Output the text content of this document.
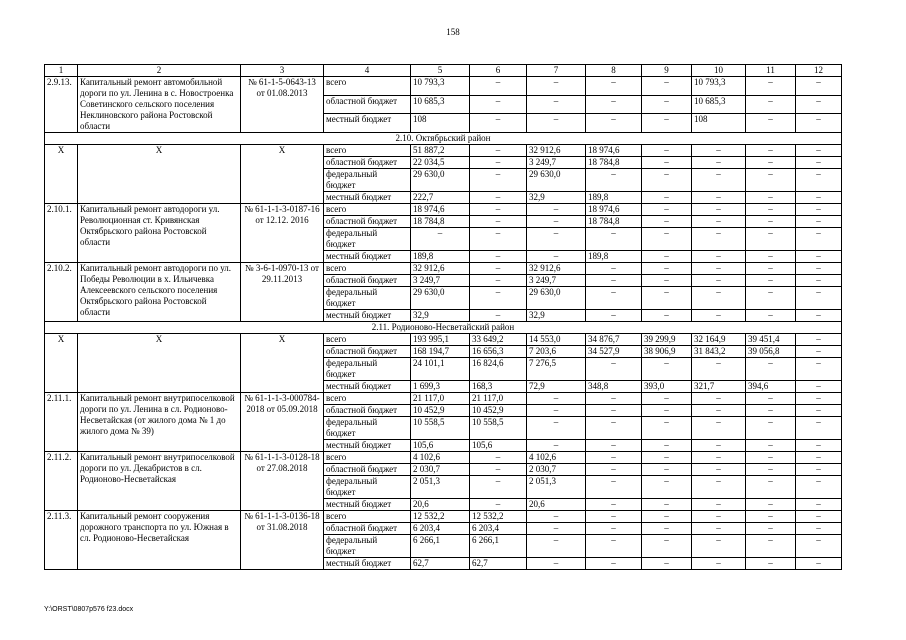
158
1	2	3	4	5	6	7	8	9	10	11	12
2.9.13.	Капитальный ремонт автомобильной дороги по ул. Ленина в с. Новостроенка Советинского сельского поселения Неклиновского района Ростовской области	№ 61-1-5-0643-13 от 01.08.2013	всего	10 793,3	–	–	–	–	10 793,3	–	–
			областной бюджет	10 685,3	–	–	–	–	10 685,3	–	–
			местный бюджет	108	–	–	–	–	108	–	–
2.10. Октябрьский район											
Х	Х	Х	всего	51 887,2	–	32 912,6	18 974,6	–	–	–	–
			областной бюджет	22 034,5	–	3 249,7	18 784,8	–	–	–	–
			федеральный бюджет	29 630,0	–	29 630,0	–	–	–	–	–
			местный бюджет	222,7	–	32,9	189,8	–	–	–	–
2.10.1.	Капитальный ремонт автодороги ул. Революционная ст. Кривянская Октябрьского района Ростовской области	№ 61-1-1-3-0187-16 от 12.12. 2016	всего	18 974,6	–	–	18 974,6	–	–	–	–
			областной бюджет	18 784,8	–	–	18 784,8	–	–	–	–
			федеральный бюджет	–	–	–	–	–	–	–	–
			местный бюджет	189,8	–	–	189,8	–	–	–	–
2.10.2.	Капитальный ремонт автодороги по ул. Победы Революции в х. Ильичевка Алексеевского сельского поселения Октябрьского района Ростовской области	№ 3-6-1-0970-13 от 29.11.2013	всего	32 912,6	–	32 912,6	–	–	–	–	–
			областной бюджет	3 249,7	–	3 249,7	–	–	–	–	–
			федеральный бюджет	29 630,0	–	29 630,0	–	–	–	–	–
			местный бюджет	32,9	–	32,9	–	–	–	–	–
2.11. Родионово-Несветайский район											
Х	Х	Х	всего	193 995,1	33 649,2	14 553,0	34 876,7	39 299,9	32 164,9	39 451,4	–
			областной бюджет	168 194,7	16 656,3	7 203,6	34 527,9	38 906,9	31 843,2	39 056,8	–
			федеральный бюджет	24 101,1	16 824,6	7 276,5	–	–	–	–	–
			местный бюджет	1 699,3	168,3	72,9	348,8	393,0	321,7	394,6	–
2.11.1.	Капитальный ремонт внутрипоселковой дороги по ул. Ленина в сл. Родионово-Несветайская (от жилого дома № 1 до жилого дома № 39)	№ 61-1-1-3-000784-2018 от 05.09.2018	всего	21 117,0	21 117,0	–	–	–	–	–	–
			областной бюджет	10 452,9	10 452,9	–	–	–	–	–	–
			федеральный бюджет	10 558,5	10 558,5	–	–	–	–	–	–
			местный бюджет	105,6	105,6	–	–	–	–	–	–
2.11.2.	Капитальный ремонт внутрипоселковой дороги по ул. Декабристов в сл. Родионово-Несветайская	№ 61-1-1-3-0128-18 от 27.08.2018	всего	4 102,6	–	4 102,6	–	–	–	–	–
			областной бюджет	2 030,7	–	2 030,7	–	–	–	–	–
			федеральный бюджет	2 051,3	–	2 051,3	–	–	–	–	–
			местный бюджет	20,6	–	20,6	–	–	–	–	–
2.11.3.	Капитальный ремонт сооружения дорожного транспорта по ул. Южная в сл. Родионово-Несветайская	№ 61-1-1-3-0136-18 от 31.08.2018	всего	12 532,2	12 532,2	–	–	–	–	–	–
			областной бюджет	6 203,4	6 203,4	–	–	–	–	–	–
			федеральный бюджет	6 266,1	6 266,1	–	–	–	–	–	–
			местный бюджет	62,7	62,7	–	–	–	–	–	–
Y:\ORST\0807p576 f23.docx
